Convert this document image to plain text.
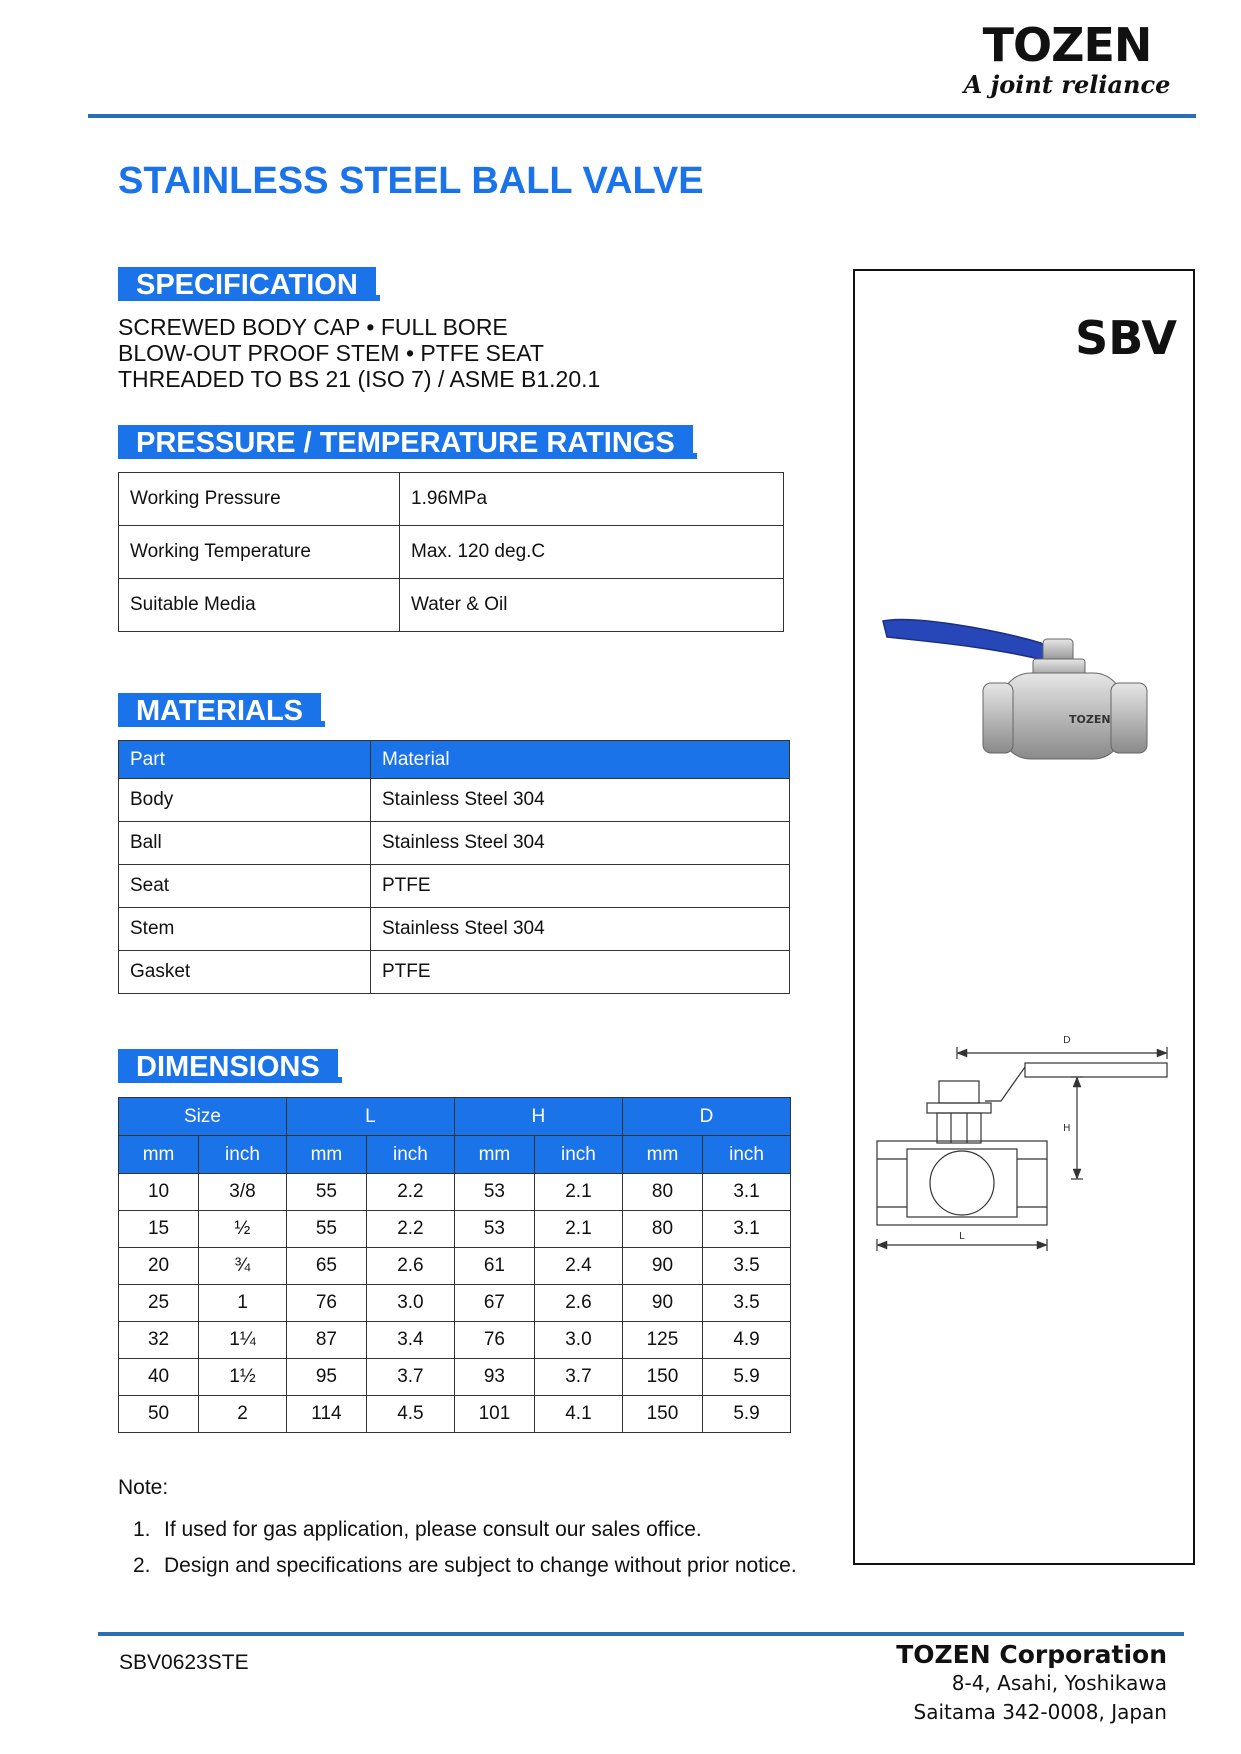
TOZEN
A joint reliance
STAINLESS STEEL BALL VALVE
SPECIFICATION
SCREWED BODY CAP • FULL BORE
BLOW-OUT PROOF STEM • PTFE SEAT
THREADED TO BS 21 (ISO 7) / ASME B1.20.1
PRESSURE / TEMPERATURE RATINGS
Working Pressure	1.96MPa
Working Temperature	Max. 120 deg.C
Suitable Media	Water & Oil
MATERIALS
Part	Material
Body	Stainless Steel 304
Ball	Stainless Steel 304
Seat	PTFE
Stem	Stainless Steel 304
Gasket	PTFE
DIMENSIONS
Size		L		H		D	
mm	inch	mm	inch	mm	inch	mm	inch
10	3/8	55	2.2	53	2.1	80	3.1
15	½	55	2.2	53	2.1	80	3.1
20	¾	65	2.6	61	2.4	90	3.5
25	1	76	3.0	67	2.6	90	3.5
32	1¼	87	3.4	76	3.0	125	4.9
40	1½	95	3.7	93	3.7	150	5.9
50	2	114	4.5	101	4.1	150	5.9
Note:
1. If used for gas application, please consult our sales office.
2. Design and specifications are subject to change without prior notice.
SBV
TOZEN
D
H
L
SBV0623STE	TOZEN Corporation
8-4, Asahi, Yoshikawa
Saitama 342-0008, Japan
